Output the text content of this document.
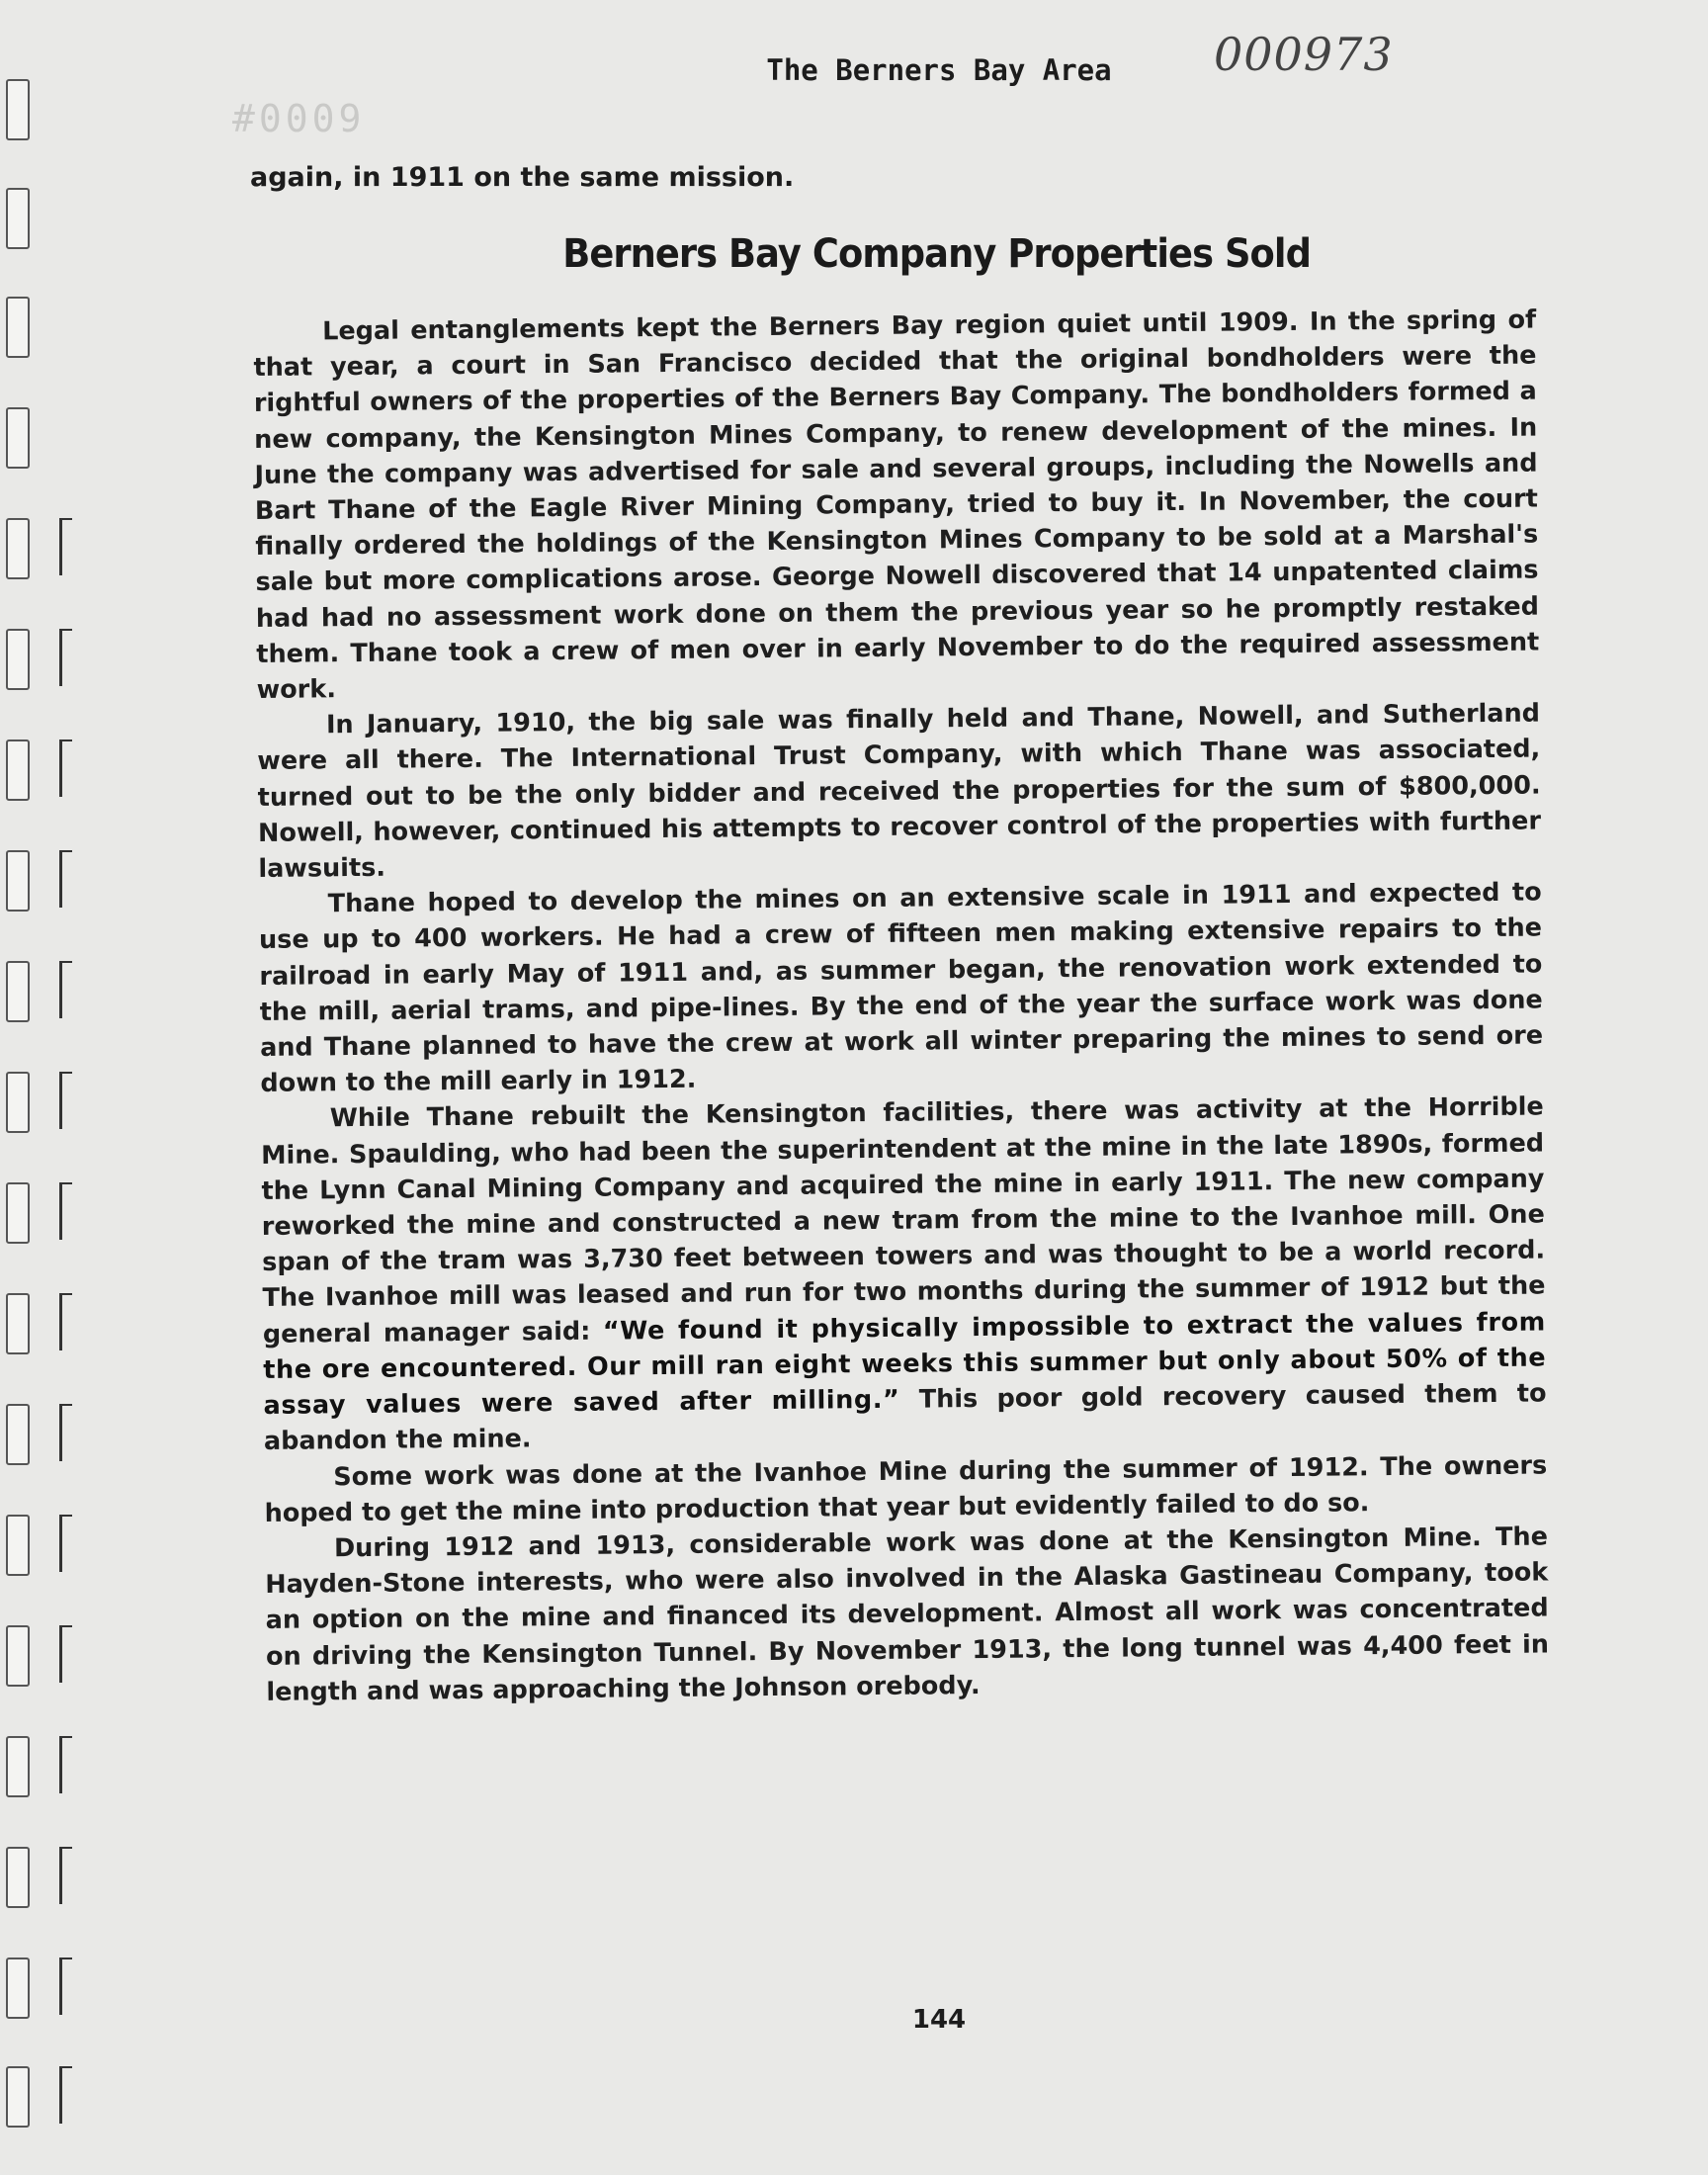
#0009
000973
The Berners Bay Area
again, in 1911 on the same mission.
Berners Bay Company Properties Sold

Legal entanglements kept the Berners Bay region quiet until 1909. In the spring of that year, a court in San Francisco decided that the original bondholders were the rightful owners of the properties of the Berners Bay Company. The bondholders formed a new company, the Kensington Mines Company, to renew development of the mines. In June the company was advertised for sale and several groups, including the Nowells and Bart Thane of the Eagle River Mining Company, tried to buy it. In November, the court finally ordered the holdings of the Kensington Mines Company to be sold at a Marshal's sale but more complications arose. George Nowell discovered that 14 unpatented claims had had no assessment work done on them the previous year so he promptly restaked them. Thane took a crew of men over in early November to do the required assessment work.

In January, 1910, the big sale was finally held and Thane, Nowell, and Sutherland were all there. The International Trust Company, with which Thane was associated, turned out to be the only bidder and received the properties for the sum of $800,000. Nowell, however, continued his attempts to recover control of the properties with further lawsuits.

Thane hoped to develop the mines on an extensive scale in 1911 and expected to use up to 400 workers. He had a crew of fifteen men making extensive repairs to the railroad in early May of 1911 and, as summer began, the renovation work extended to the mill, aerial trams, and pipe-lines. By the end of the year the surface work was done and Thane planned to have the crew at work all winter preparing the mines to send ore down to the mill early in 1912.

While Thane rebuilt the Kensington facilities, there was activity at the Horrible Mine. Spaulding, who had been the superintendent at the mine in the late 1890s, formed the Lynn Canal Mining Company and acquired the mine in early 1911. The new company reworked the mine and constructed a new tram from the mine to the Ivanhoe mill. One span of the tram was 3,730 feet between towers and was thought to be a world record. The Ivanhoe mill was leased and run for two months during the summer of 1912 but the general manager said: “We found it physically impossible to extract the values from the ore encountered. Our mill ran eight weeks this summer but only about 50% of the assay values were saved after milling.” This poor gold recovery caused them to abandon the mine.

Some work was done at the Ivanhoe Mine during the summer of 1912. The owners hoped to get the mine into production that year but evidently failed to do so.

During 1912 and 1913, considerable work was done at the Kensington Mine. The Hayden-Stone interests, who were also involved in the Alaska Gastineau Company, took an option on the mine and financed its development. Almost all work was concentrated on driving the Kensington Tunnel. By November 1913, the long tunnel was 4,400 feet in length and was approaching the Johnson orebody.

144
